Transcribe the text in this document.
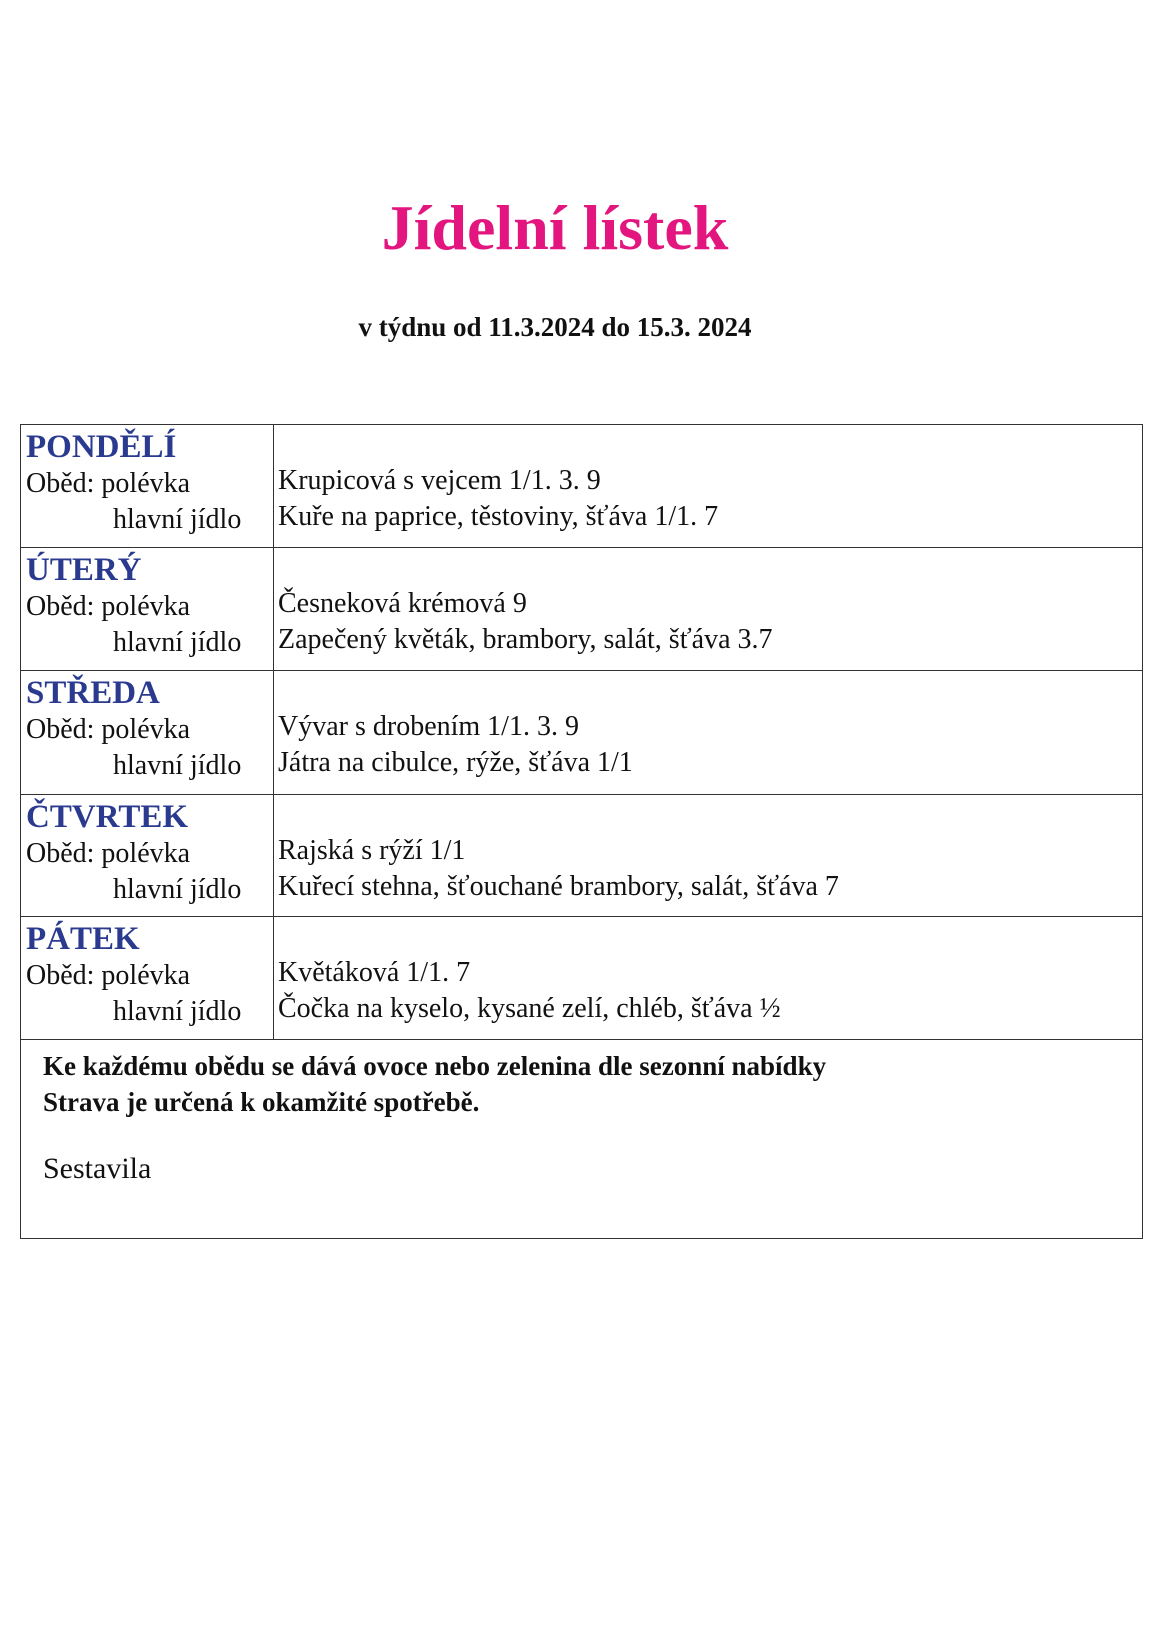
Jídelní lístek
v týdnu od 11.3.2024 do 15.3. 2024
PONDĚLÍ
Oběd: polévka
hlavní jídlo
Krupicová s vejcem 1/1. 3. 9
Kuře na paprice, těstoviny, šťáva 1/1. 7
ÚTERÝ
Oběd: polévka
hlavní jídlo
Česneková krémová 9
Zapečený květák, brambory, salát, šťáva 3.7
STŘEDA
Oběd: polévka
hlavní jídlo
Vývar s drobením 1/1. 3. 9
Játra na cibulce, rýže, šťáva 1/1
ČTVRTEK
Oběd: polévka
hlavní jídlo
Rajská s rýží 1/1
Kuřecí stehna, šťouchané brambory, salát, šťáva 7
PÁTEK
Oběd: polévka
hlavní jídlo
Květáková 1/1. 7
Čočka na kyselo, kysané zelí, chléb, šťáva ½
Ke každému obědu se dává ovoce nebo zelenina dle sezonní nabídky
Strava je určená k okamžité spotřebě.
Sestavila
